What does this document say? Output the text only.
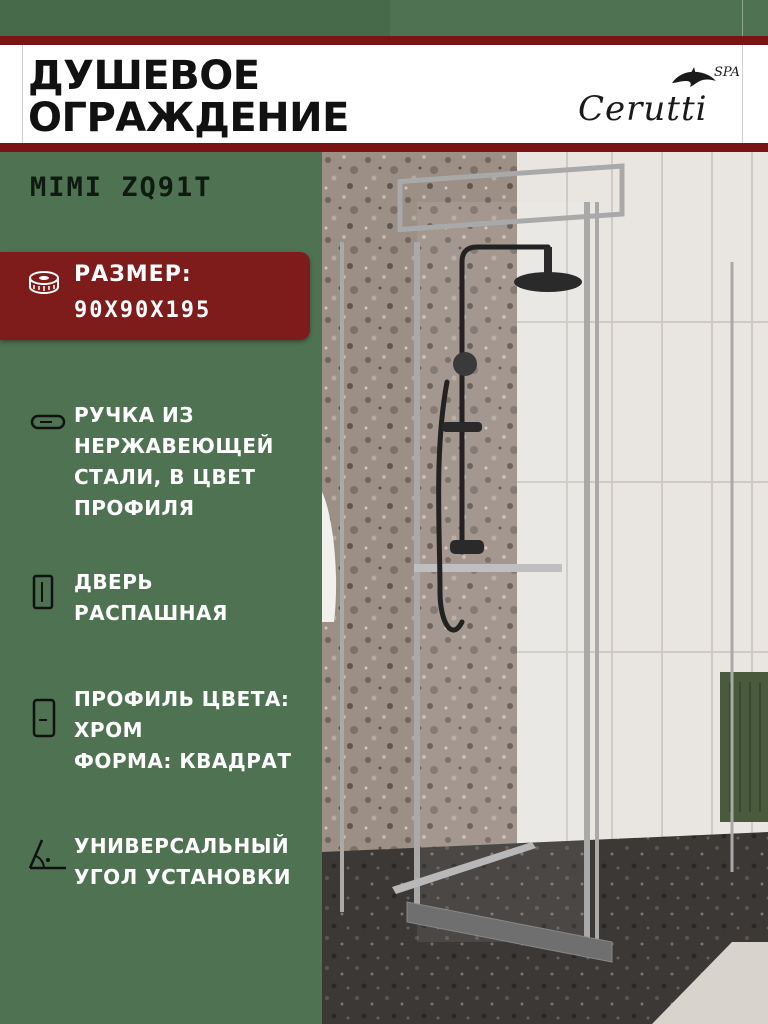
ДУШЕВОЕ
ОГРАЖДЕНИЕ
SPA
Cerutti
MIMI ZQ91T
РАЗМЕР:
90X90X195
РУЧКА ИЗ
НЕРЖАВЕЮЩЕЙ
СТАЛИ, В ЦВЕТ
ПРОФИЛЯ
ДВЕРЬ
РАСПАШНАЯ
ПРОФИЛЬ ЦВЕТА:
ХРОМ
ФОРМА: КВАДРАТ
УНИВЕРСАЛЬНЫЙ
УГОЛ УСТАНОВКИ
